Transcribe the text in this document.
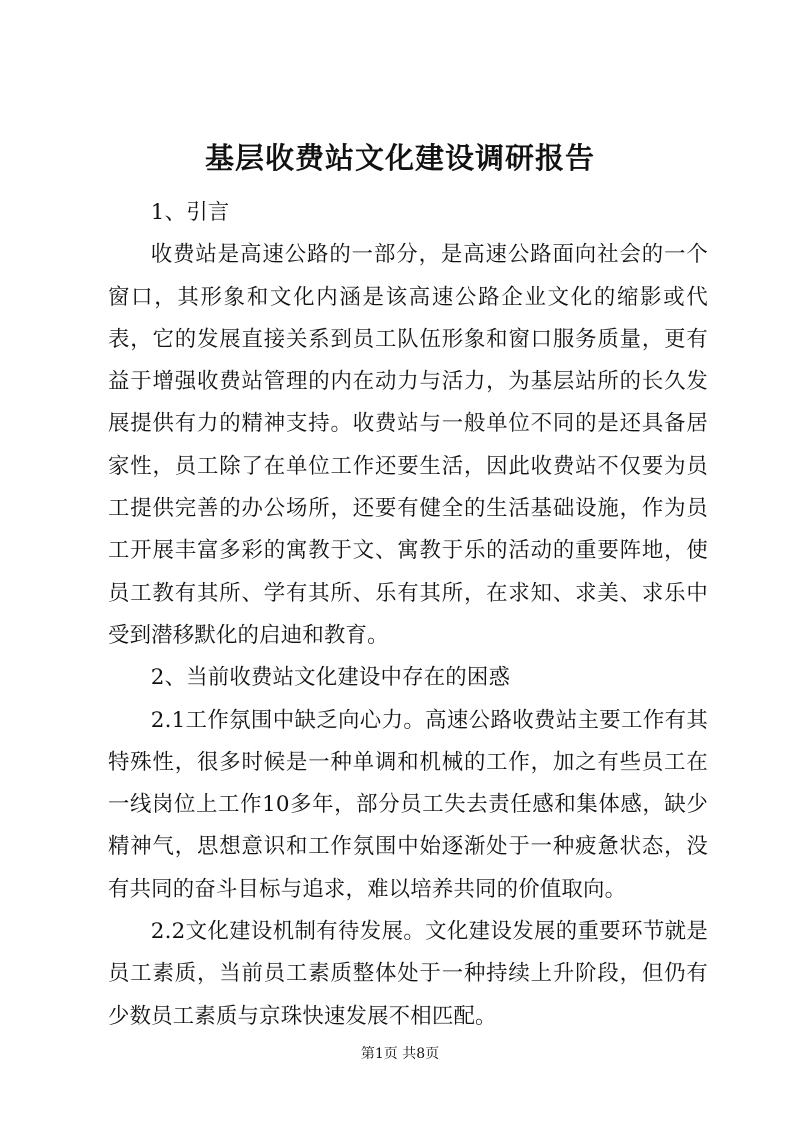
基层收费站文化建设调研报告

1、引言

收费站是高速公路的一部分，是高速公路面向社会的一个窗口，其形象和文化内涵是该高速公路企业文化的缩影或代表，它的发展直接关系到员工队伍形象和窗口服务质量，更有益于增强收费站管理的内在动力与活力，为基层站所的长久发展提供有力的精神支持。收费站与一般单位不同的是还具备居家性，员工除了在单位工作还要生活，因此收费站不仅要为员工提供完善的办公场所，还要有健全的生活基础设施，作为员工开展丰富多彩的寓教于文、寓教于乐的活动的重要阵地，使员工教有其所、学有其所、乐有其所，在求知、求美、求乐中受到潜移默化的启迪和教育。

2、当前收费站文化建设中存在的困惑

2.1工作氛围中缺乏向心力。高速公路收费站主要工作有其特殊性，很多时候是一种单调和机械的工作，加之有些员工在一线岗位上工作10多年，部分员工失去责任感和集体感，缺少精神气，思想意识和工作氛围中始逐渐处于一种疲惫状态，没有共同的奋斗目标与追求，难以培养共同的价值取向。

2.2文化建设机制有待发展。文化建设发展的重要环节就是员工素质，当前员工素质整体处于一种持续上升阶段，但仍有少数员工素质与京珠快速发展不相匹配。

第1页 共8页
